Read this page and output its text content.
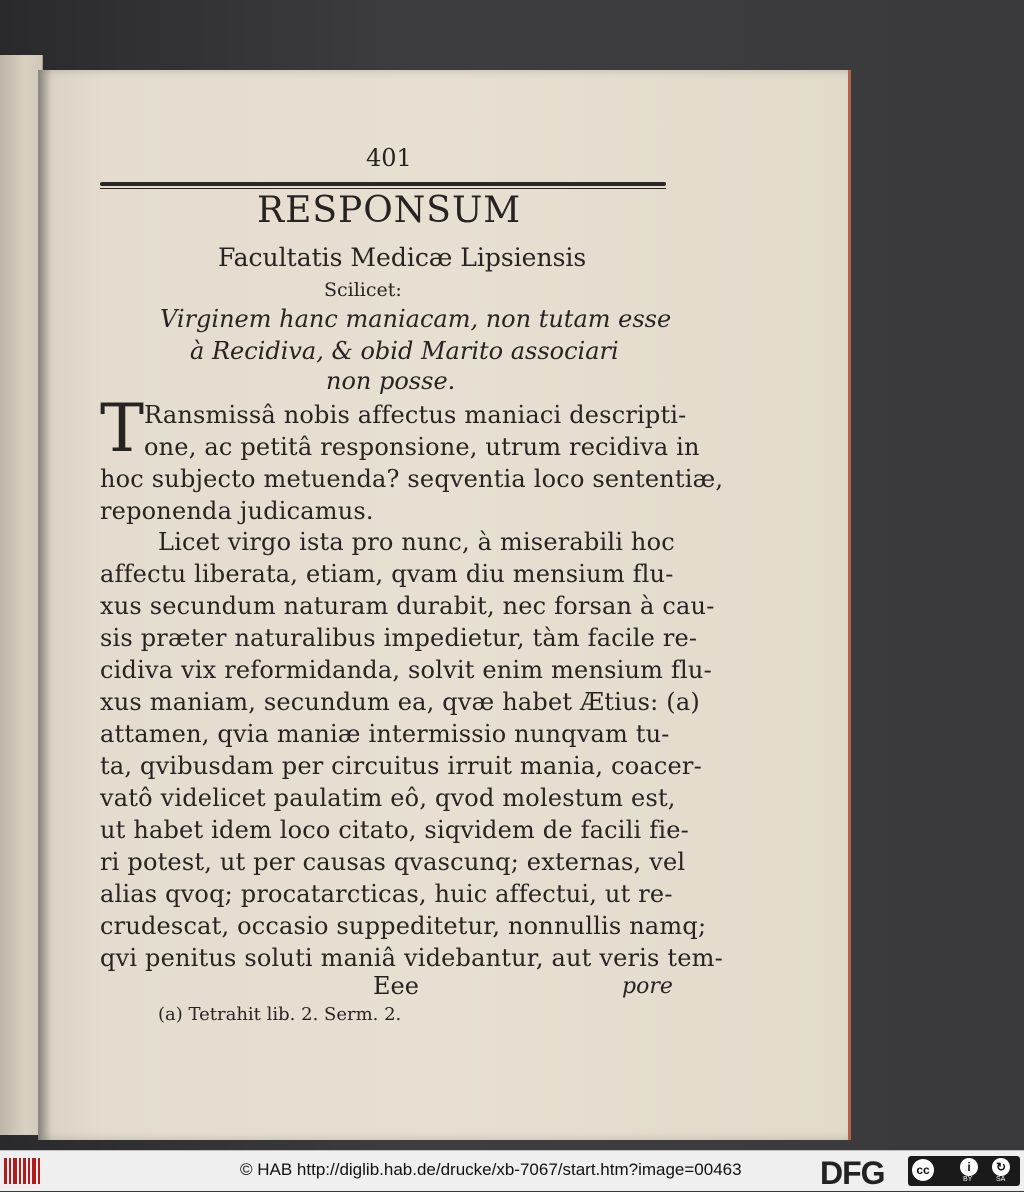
401
RESPONSUM
Facultatis Medicæ Lipsiensis
Scilicet:
Virginem hanc maniacam, non tutam esse
à Recidiva, & obid Marito associari
non posse.
T Ransmissâ nobis affectus maniaci descripti-
one, ac petitâ responsione, utrum recidiva in
hoc subjecto metuenda? seqventia loco sententiæ,
reponenda judicamus.
Licet virgo ista pro nunc, à miserabili hoc
affectu liberata, etiam, qvam diu mensium flu-
xus secundum naturam durabit, nec forsan à cau-
sis præter naturalibus impedietur, tàm facile re-
cidiva vix reformidanda, solvit enim mensium flu-
xus maniam, secundum ea, qvæ habet Ætius: (a)
attamen, qvia maniæ intermissio nunqvam tu-
ta, qvibusdam per circuitus irruit mania, coacer-
vatô videlicet paulatim eô, qvod molestum est,
ut habet idem loco citato, siqvidem de facili fie-
ri potest, ut per causas qvascunq; externas, vel
alias qvoq; procatarcticas, huic affectui, ut re-
crudescat, occasio suppeditetur, nonnullis namq;
qvi penitus soluti maniâ videbantur, aut veris tem-
Eee	pore
(a) Tetrahit lib. 2. Serm. 2.
© HAB http://diglib.hab.de/drucke/xb-7067/start.htm?image=00463 DFG	cc	i	↻
BY	SA
